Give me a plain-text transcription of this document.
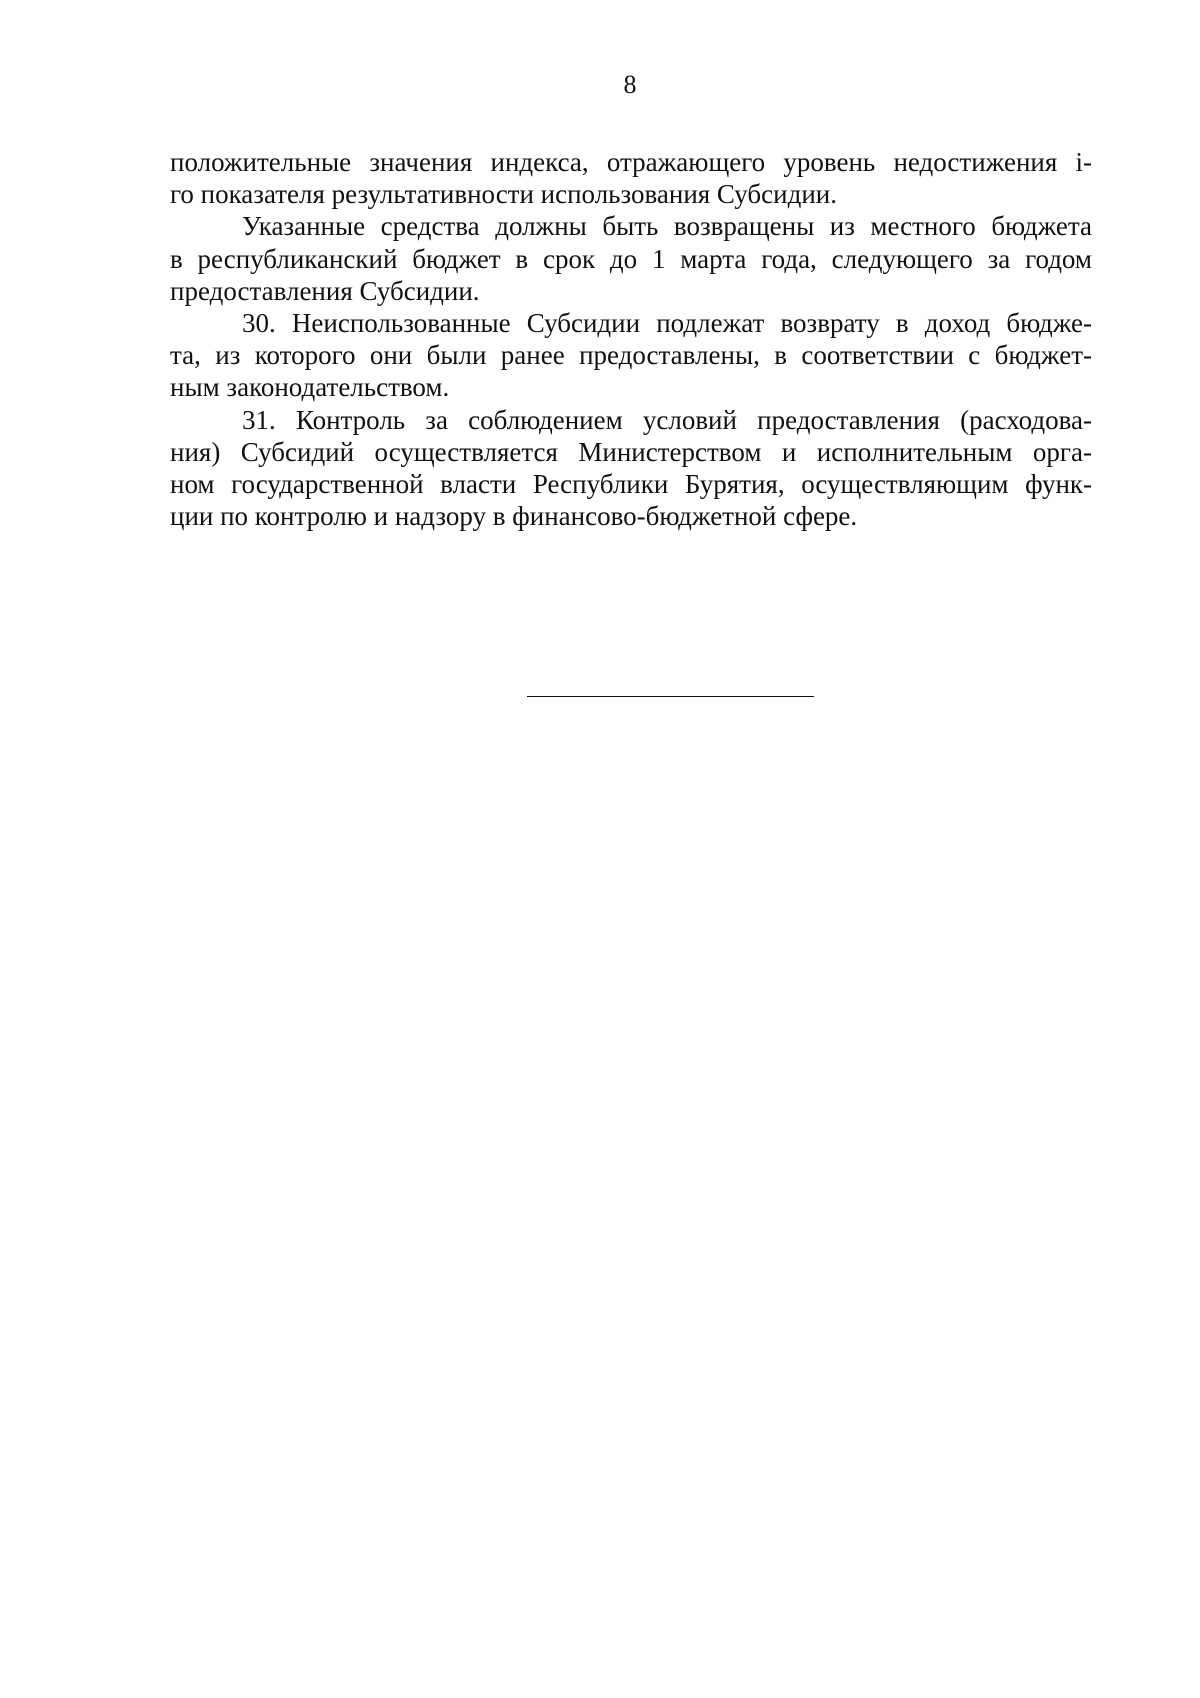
8
положительные значения индекса, отражающего уровень недостижения i-
го показателя результативности использования Субсидии.
Указанные средства должны быть возвращены из местного бюджета
в республиканский бюджет в срок до 1 марта года, следующего за годом
предоставления Субсидии.
30. Неиспользованные Субсидии подлежат возврату в доход бюдже-
та, из которого они были ранее предоставлены, в соответствии с бюджет-
ным законодательством.
31. Контроль за соблюдением условий предоставления (расходова-
ния) Субсидий осуществляется Министерством и исполнительным орга-
ном государственной власти Республики Бурятия, осуществляющим функ-
ции по контролю и надзору в финансово-бюджетной сфере.
